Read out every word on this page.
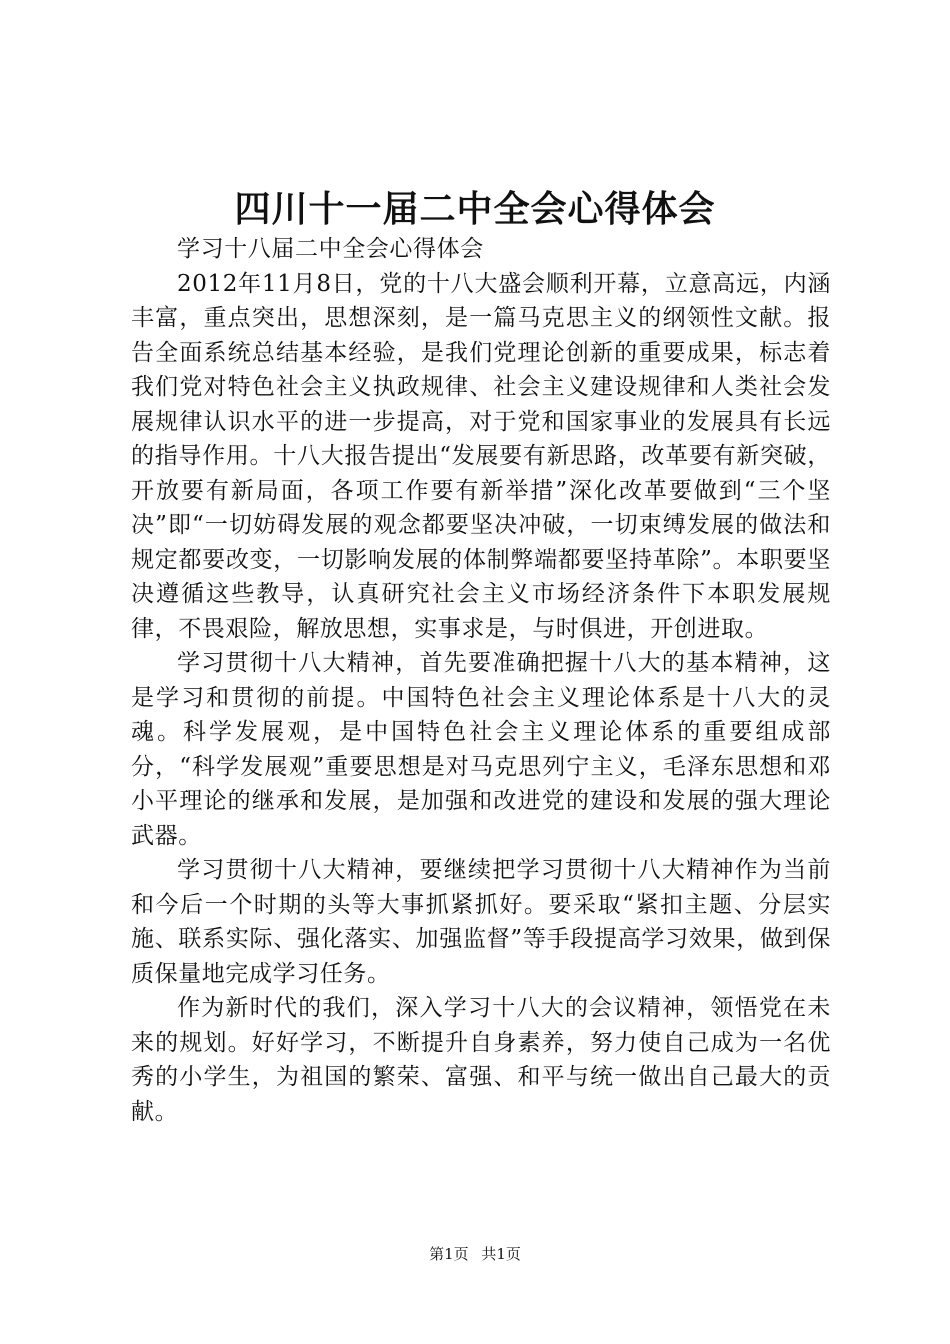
四川十一届二中全会心得体会

学习十八届二中全会心得体会

2012年11月8日，党的十八大盛会顺利开幕，立意高远，内涵丰富，重点突出，思想深刻，是一篇马克思主义的纲领性文献。报告全面系统总结基本经验，是我们党理论创新的重要成果，标志着我们党对特色社会主义执政规律、社会主义建设规律和人类社会发展规律认识水平的进一步提高，对于党和国家事业的发展具有长远的指导作用。十八大报告提出“发展要有新思路，改革要有新突破，开放要有新局面，各项工作要有新举措”深化改革要做到“三个坚决”即“一切妨碍发展的观念都要坚决冲破，一切束缚发展的做法和规定都要改变，一切影响发展的体制弊端都要坚持革除”。本职要坚决遵循这些教导，认真研究社会主义市场经济条件下本职发展规律，不畏艰险，解放思想，实事求是，与时俱进，开创进取。

学习贯彻十八大精神，首先要准确把握十八大的基本精神，这是学习和贯彻的前提。中国特色社会主义理论体系是十八大的灵魂。科学发展观，是中国特色社会主义理论体系的重要组成部分，“科学发展观”重要思想是对马克思列宁主义，毛泽东思想和邓小平理论的继承和发展，是加强和改进党的建设和发展的强大理论武器。

学习贯彻十八大精神，要继续把学习贯彻十八大精神作为当前和今后一个时期的头等大事抓紧抓好。要采取“紧扣主题、分层实施、联系实际、强化落实、加强监督”等手段提高学习效果，做到保质保量地完成学习任务。

作为新时代的我们，深入学习十八大的会议精神，领悟党在未来的规划。好好学习，不断提升自身素养，努力使自己成为一名优秀的小学生，为祖国的繁荣、富强、和平与统一做出自己最大的贡献。

第1页 共1页
